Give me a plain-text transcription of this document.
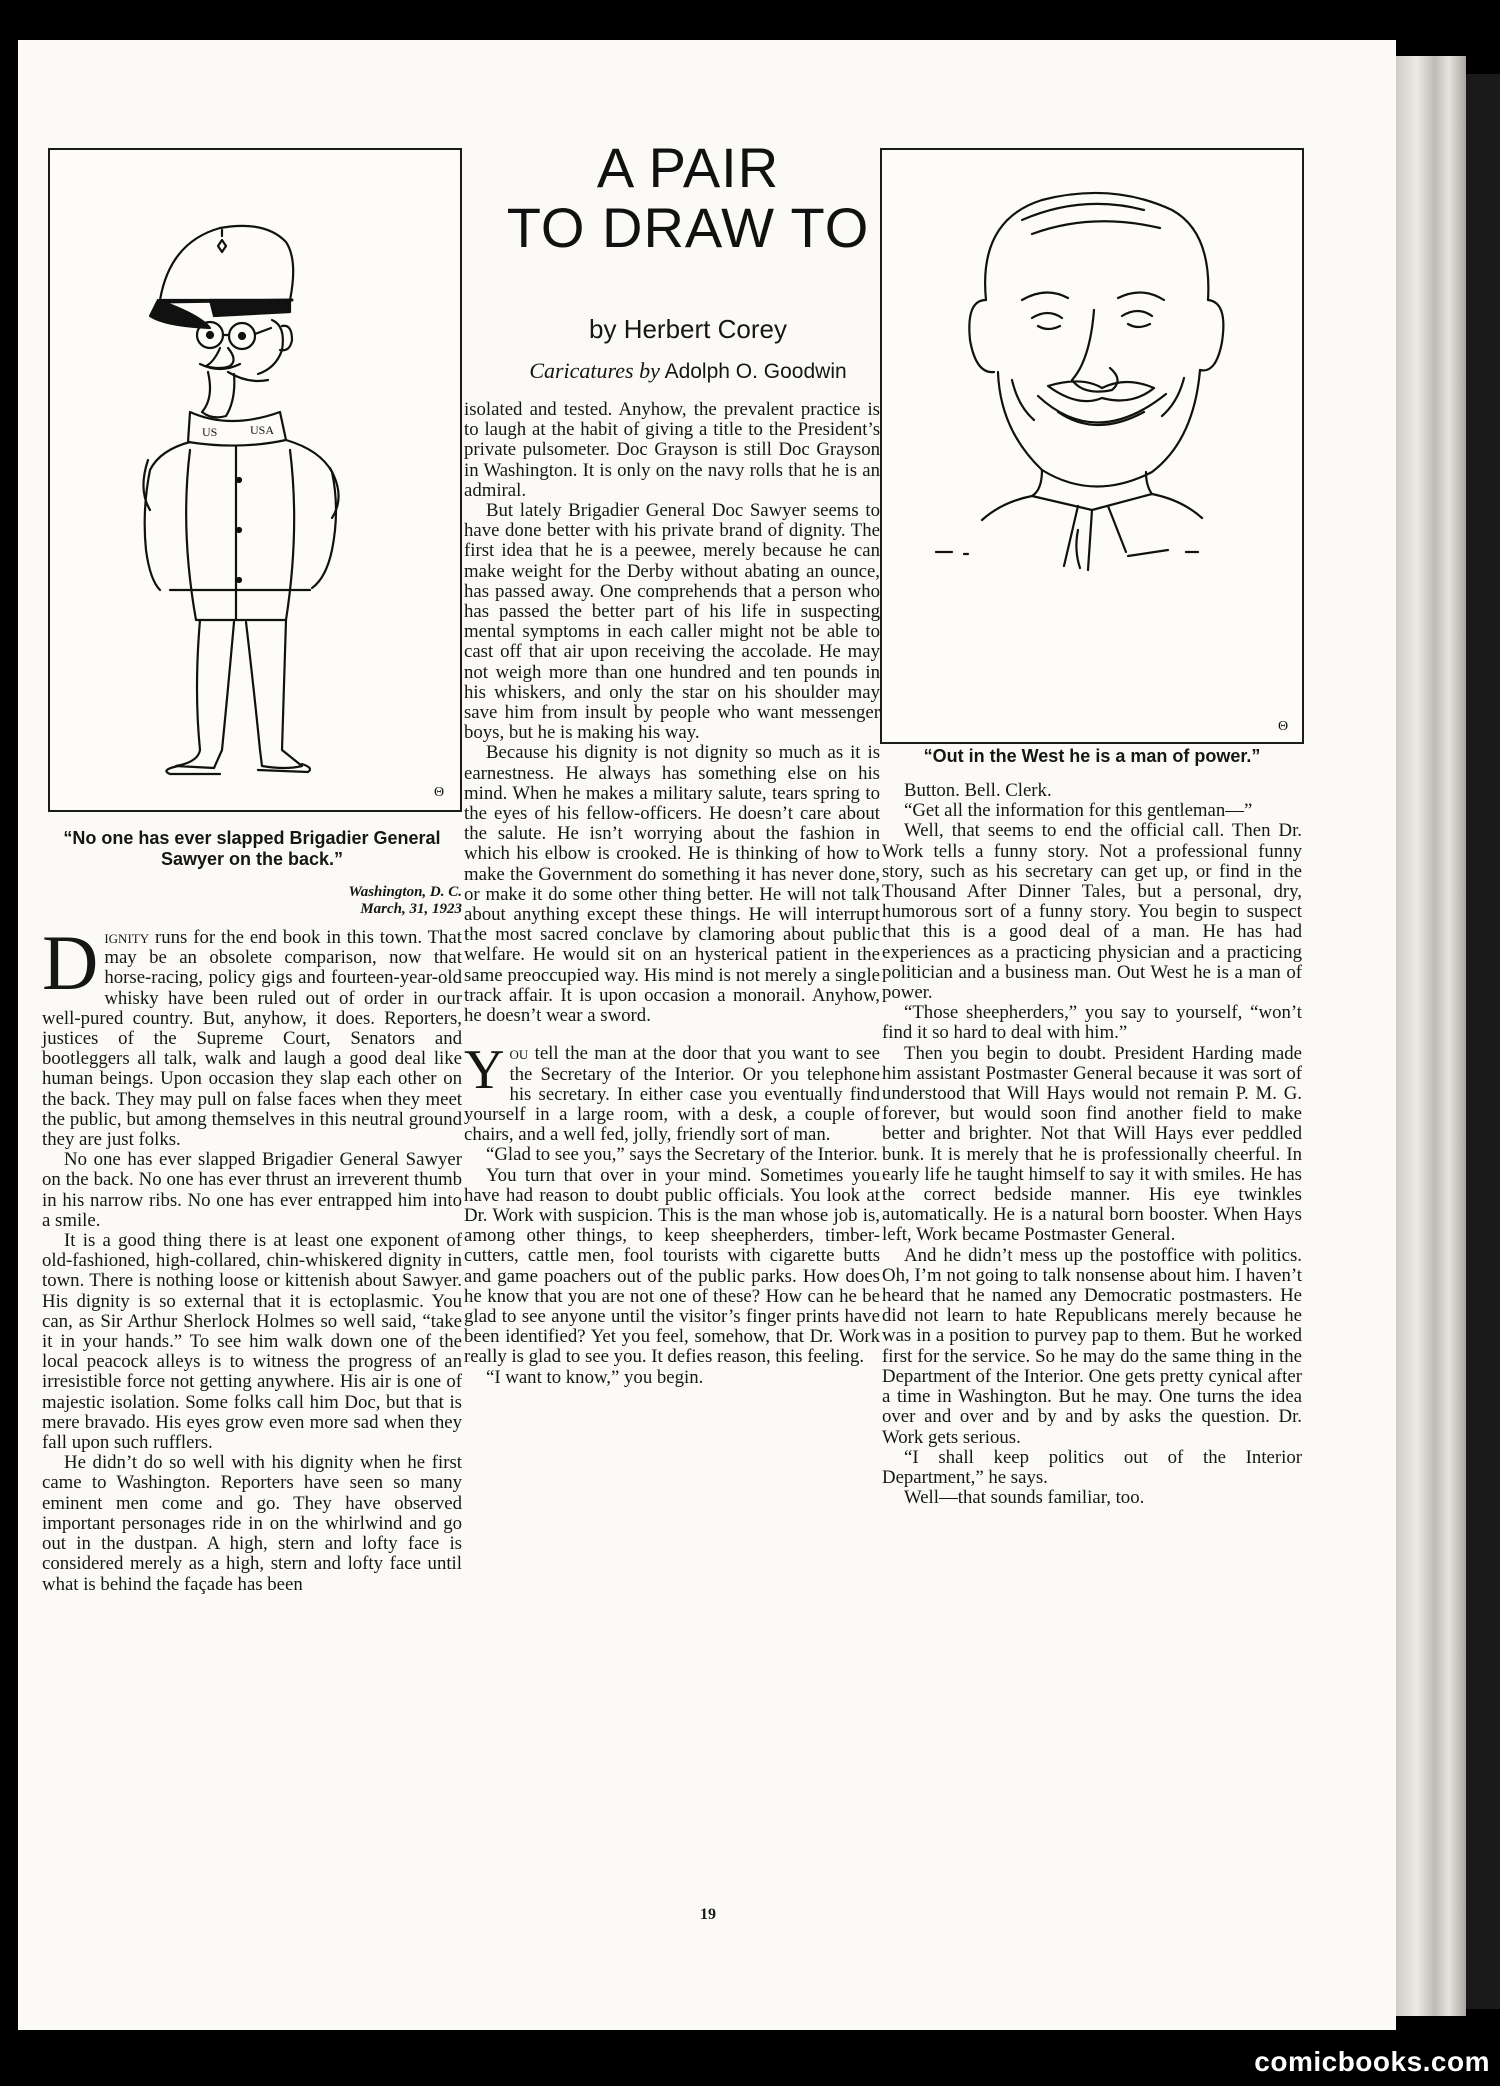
US	USA
Θ
Θ
A PAIR
TO DRAW TO
by Herbert Corey
Caricatures by Adolph O. Goodwin
“No one has ever slapped Brigadier General Sawyer on the back.”
Washington, D. C.
March, 31, 1923

Dignity runs for the end book in this town. That may be an obsolete comparison, now that horse-racing, policy gigs and fourteen-year-old whisky have been ruled out of order in our well-pured country. But, anyhow, it does. Reporters, justices of the Supreme Court, Senators and bootleggers all talk, walk and laugh a good deal like human beings. Upon occasion they slap each other on the back. They may pull on false faces when they meet the public, but among themselves in this neutral ground they are just folks.

No one has ever slapped Brigadier General Sawyer on the back. No one has ever thrust an irreverent thumb in his narrow ribs. No one has ever entrapped him into a smile.

It is a good thing there is at least one exponent of old-fashioned, high-collared, chin-whiskered dignity in town. There is nothing loose or kittenish about Sawyer. His dignity is so external that it is ectoplasmic. You can, as Sir Arthur Sherlock Holmes so well said, “take it in your hands.” To see him walk down one of the local peacock alleys is to witness the progress of an irresistible force not getting anywhere. His air is one of majestic isolation. Some folks call him Doc, but that is mere bravado. His eyes grow even more sad when they fall upon such rufflers.

He didn’t do so well with his dignity when he first came to Washington. Reporters have seen so many eminent men come and go. They have observed important personages ride in on the whirlwind and go out in the dustpan. A high, stern and lofty face is considered merely as a high, stern and lofty face until what is behind the façade has been

isolated and tested. Anyhow, the prevalent practice is to laugh at the habit of giving a title to the President’s private pulsometer. Doc Grayson is still Doc Grayson in Washington. It is only on the navy rolls that he is an admiral.

But lately Brigadier General Doc Sawyer seems to have done better with his private brand of dignity. The first idea that he is a peewee, merely because he can make weight for the Derby without abating an ounce, has passed away. One comprehends that a person who has passed the better part of his life in suspecting mental symptoms in each caller might not be able to cast off that air upon receiving the accolade. He may not weigh more than one hundred and ten pounds in his whiskers, and only the star on his shoulder may save him from insult by people who want messenger boys, but he is making his way.

Because his dignity is not dignity so much as it is earnestness. He always has something else on his mind. When he makes a military salute, tears spring to the eyes of his fellow-officers. He doesn’t care about the salute. He isn’t worrying about the fashion in which his elbow is crooked. He is thinking of how to make the Government do something it has never done, or make it do some other thing better. He will not talk about anything except these things. He will interrupt the most sacred conclave by clamoring about public welfare. He would sit on an hysterical patient in the same preoccupied way. His mind is not merely a single track affair. It is upon occasion a monorail. Anyhow, he doesn’t wear a sword.

You tell the man at the door that you want to see the Secretary of the Interior. Or you telephone his secretary. In either case you eventually find yourself in a large room, with a desk, a couple of chairs, and a well fed, jolly, friendly sort of man.

“Glad to see you,” says the Secretary of the Interior.

You turn that over in your mind. Sometimes you have had reason to doubt public officials. You look at Dr. Work with suspicion. This is the man whose job is, among other things, to keep sheepherders, timber-cutters, cattle men, fool tourists with cigarette butts and game poachers out of the public parks. How does he know that you are not one of these? How can he be glad to see anyone until the visitor’s finger prints have been identified? Yet you feel, somehow, that Dr. Work really is glad to see you. It defies reason, this feeling.

“I want to know,” you begin.

“Out in the West he is a man of power.”

Button. Bell. Clerk.

“Get all the information for this gentleman—”

Well, that seems to end the official call. Then Dr. Work tells a funny story. Not a professional funny story, such as his secretary can get up, or find in the Thousand After Dinner Tales, but a personal, dry, humorous sort of a funny story. You begin to suspect that this is a good deal of a man. He has had experiences as a practicing physician and a practicing politician and a business man. Out West he is a man of power.

“Those sheepherders,” you say to yourself, “won’t find it so hard to deal with him.”

Then you begin to doubt. President Harding made him assistant Postmaster General because it was sort of understood that Will Hays would not remain P. M. G. forever, but would soon find another field to make better and brighter. Not that Will Hays ever peddled bunk. It is merely that he is professionally cheerful. In early life he taught himself to say it with smiles. He has the correct bedside manner. His eye twinkles automatically. He is a natural born booster. When Hays left, Work became Postmaster General.

And he didn’t mess up the postoffice with politics. Oh, I’m not going to talk nonsense about him. I haven’t heard that he named any Democratic postmasters. He did not learn to hate Republicans merely because he was in a position to purvey pap to them. But he worked first for the service. So he may do the same thing in the Department of the Interior. One gets pretty cynical after a time in Washington. But he may. One turns the idea over and over and by and by asks the question. Dr. Work gets serious.

“I shall keep politics out of the Interior Department,” he says.

Well—that sounds familiar, too.

19
comicbooks.com
